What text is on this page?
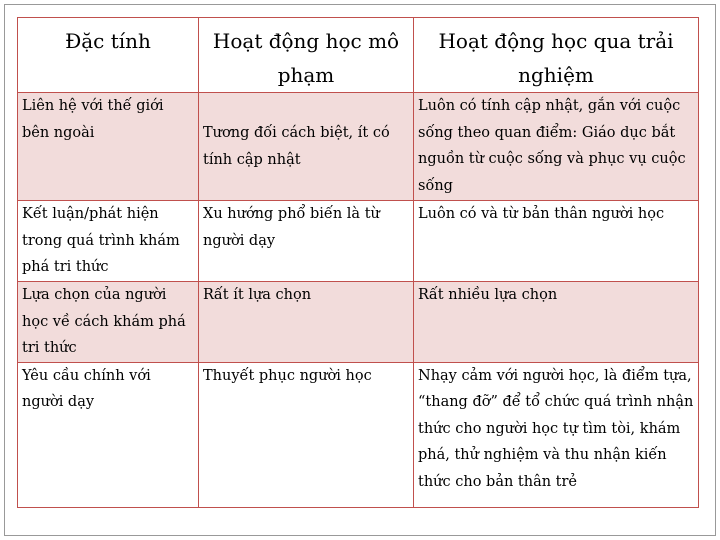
Đặc tính	Hoạt động học mô phạm	Hoạt động học qua trải nghiệm

Liên hệ với thế giới bên ngoài	Tương đối cách biệt, ít có tính cập nhật	Luôn có tính cập nhật, gắn với cuộc sống theo quan điểm: Giáo dục bắt nguồn từ cuộc sống và phục vụ cuộc sống

Kết luận/phát hiện trong quá trình khám phá tri thức	Xu hướng phổ biến là từ người dạy	Luôn có và từ bản thân người học

Lựa chọn của người học về cách khám phá tri thức	Rất ít lựa chọn	Rất nhiều lựa chọn

Yêu cầu chính với người dạy	Thuyết phục người học	Nhạy cảm với người học, là điểm tựa, “thang đỡ” để tổ chức quá trình nhận thức cho người học tự tìm tòi, khám phá, thử nghiệm và thu nhận kiến thức cho bản thân trẻ
